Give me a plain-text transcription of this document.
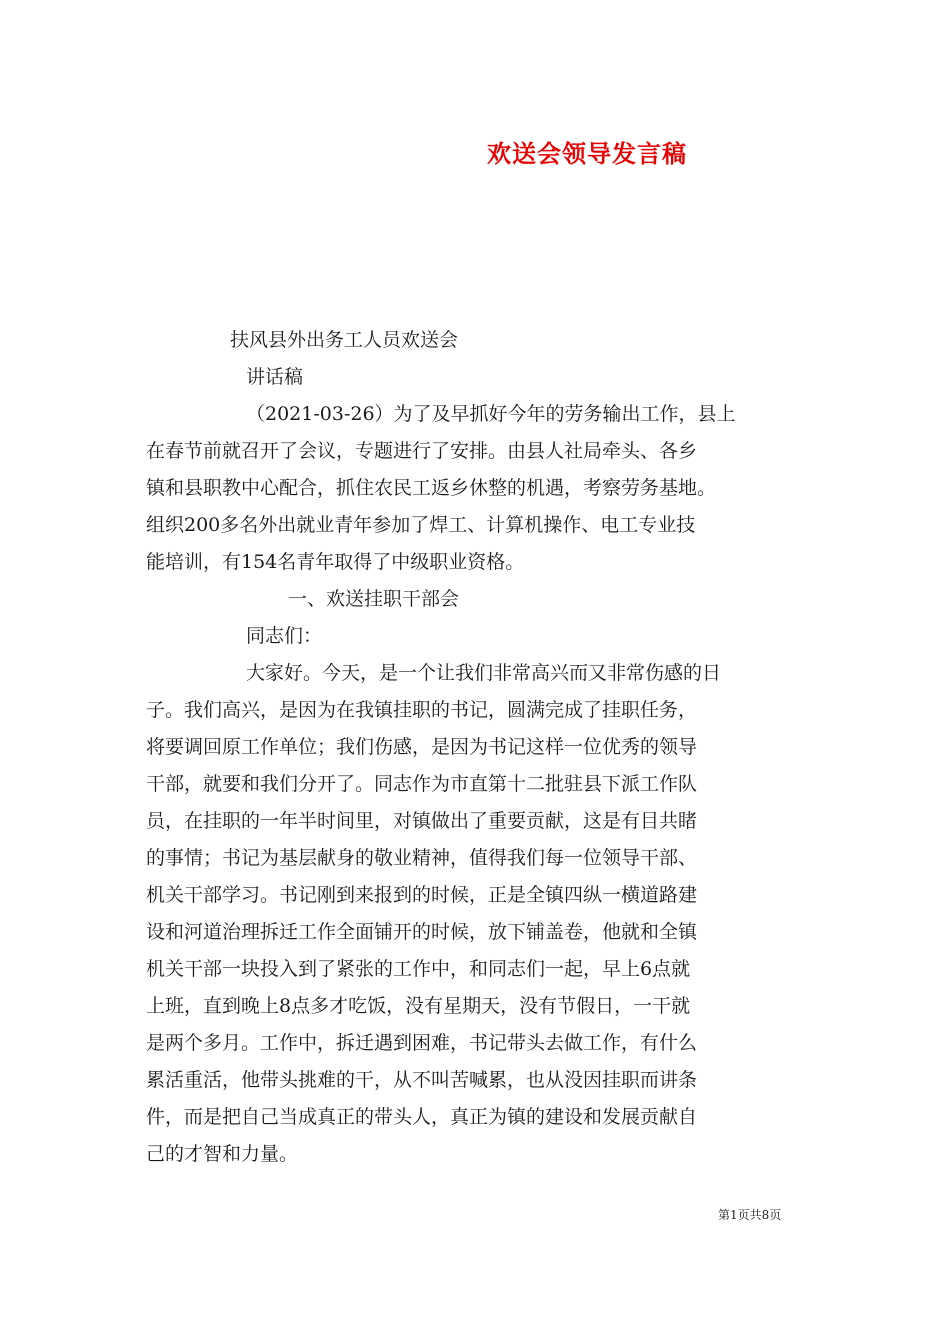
欢送会领导发言稿
扶风县外出务工人员欢送会
讲话稿
（2021-03-26）为了及早抓好今年的劳务输出工作，县上
在春节前就召开了会议，专题进行了安排。由县人社局牵头、各乡
镇和县职教中心配合，抓住农民工返乡休整的机遇，考察劳务基地。
组织200多名外出就业青年参加了焊工、计算机操作、电工专业技
能培训，有154名青年取得了中级职业资格。
一、欢送挂职干部会
同志们：
大家好。今天，是一个让我们非常高兴而又非常伤感的日
子。我们高兴，是因为在我镇挂职的书记，圆满完成了挂职任务，
将要调回原工作单位；我们伤感，是因为书记这样一位优秀的领导
干部，就要和我们分开了。同志作为市直第十二批驻县下派工作队
员，在挂职的一年半时间里，对镇做出了重要贡献，这是有目共睹
的事情；书记为基层献身的敬业精神，值得我们每一位领导干部、
机关干部学习。书记刚到来报到的时候，正是全镇四纵一横道路建
设和河道治理拆迁工作全面铺开的时候，放下铺盖卷，他就和全镇
机关干部一块投入到了紧张的工作中，和同志们一起，早上6点就
上班，直到晚上8点多才吃饭，没有星期天，没有节假日，一干就
是两个多月。工作中，拆迁遇到困难，书记带头去做工作，有什么
累活重活，他带头挑难的干，从不叫苦喊累，也从没因挂职而讲条
件，而是把自己当成真正的带头人，真正为镇的建设和发展贡献自
己的才智和力量。
第1页共8页
